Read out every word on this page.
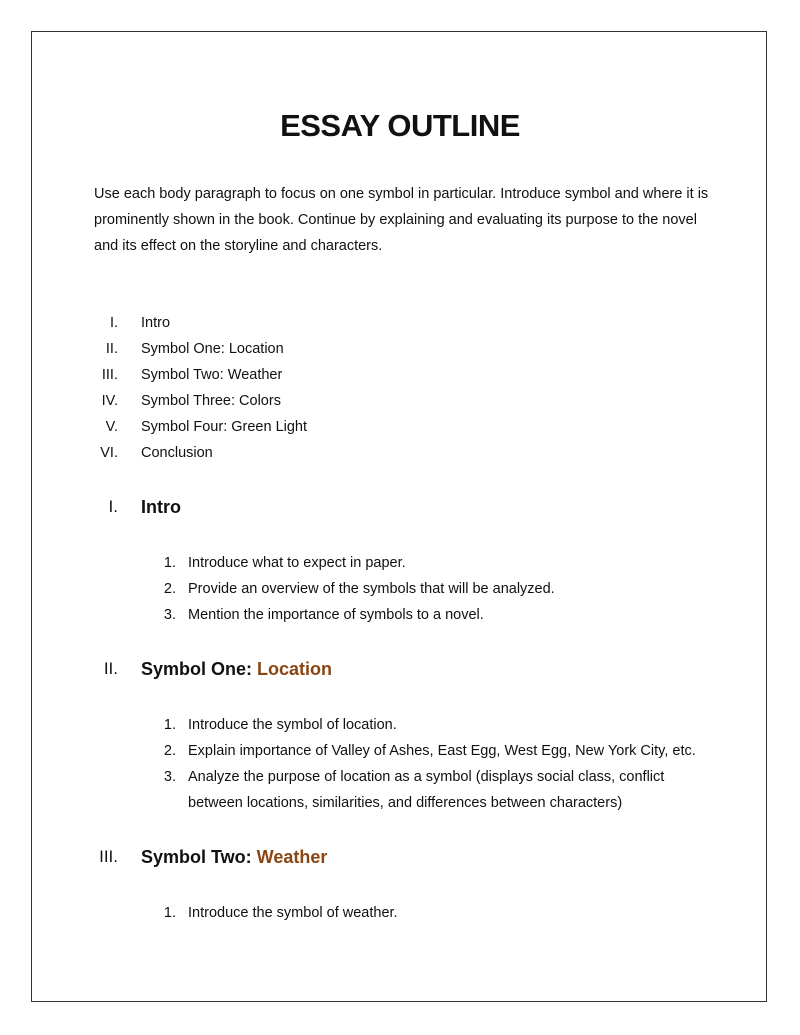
ESSAY OUTLINE
Use each body paragraph to focus on one symbol in particular. Introduce symbol and where it is prominently shown in the book. Continue by explaining and evaluating its purpose to the novel and its effect on the storyline and characters.
I. Intro
II. Symbol One: Location
III. Symbol Two: Weather
IV. Symbol Three: Colors
V. Symbol Four: Green Light
VI. Conclusion
I. Intro
1. Introduce what to expect in paper.
2. Provide an overview of the symbols that will be analyzed.
3. Mention the importance of symbols to a novel.
II. Symbol One: Location
1. Introduce the symbol of location.
2. Explain importance of Valley of Ashes, East Egg, West Egg, New York City, etc.
3. Analyze the purpose of location as a symbol (displays social class, conflict between locations, similarities, and differences between characters)
III. Symbol Two: Weather
1. Introduce the symbol of weather.
